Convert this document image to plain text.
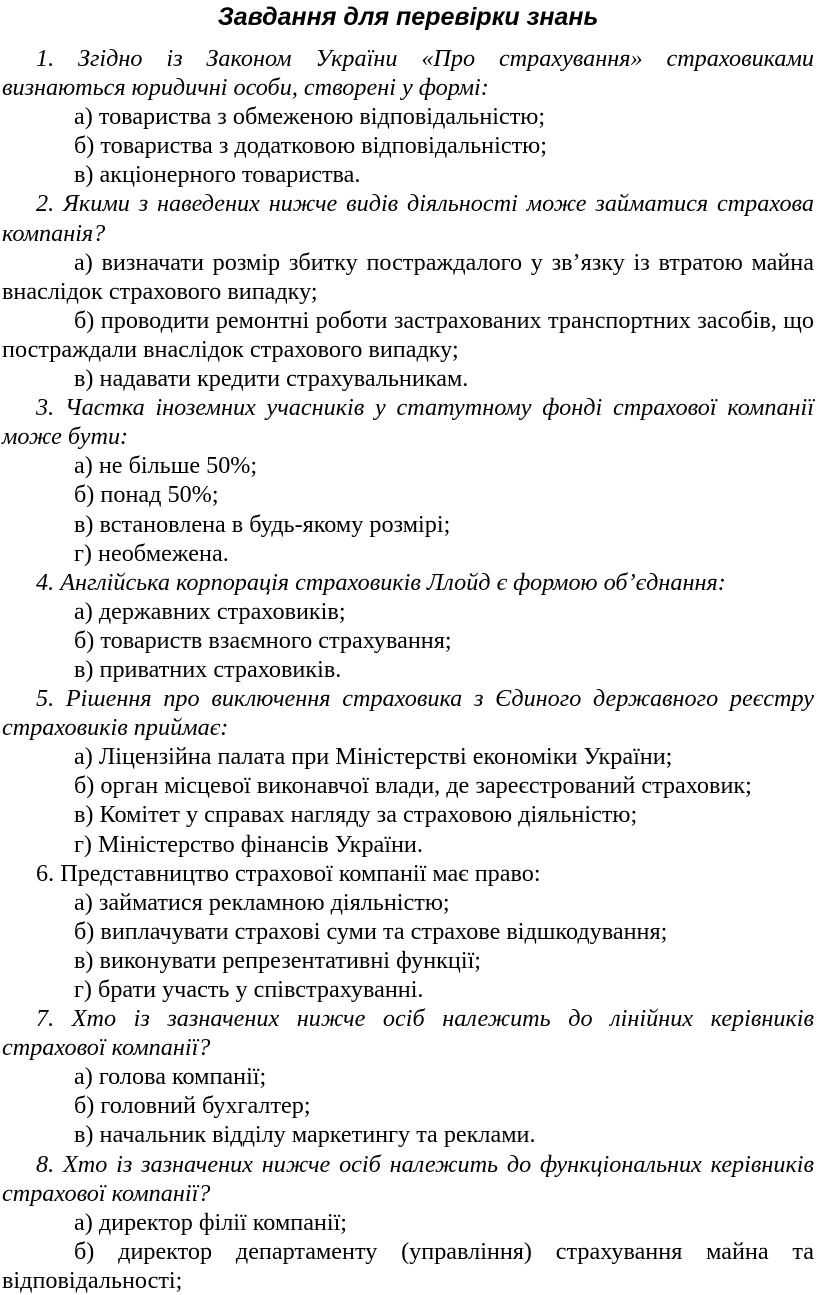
Завдання для перевірки знань

1. Згідно із Законом України «Про страхування» страховиками визнаються юридичні особи, створені у формі:

а) товариства з обмеженою відповідальністю;

б) товариства з додатковою відповідальністю;

в) акціонерного товариства.

2. Якими з наведених нижче видів діяльності може займатися страхова компанія?

а) визначати розмір збитку постраждалого у зв’язку із втратою майна внаслідок страхового випадку;

б) проводити ремонтні роботи застрахованих транспортних засобів, що постраждали внаслідок страхового випадку;

в) надавати кредити страхувальникам.

3. Частка іноземних учасників у статутному фонді страхової компанії може бути:

а) не більше 50%;

б) понад 50%;

в) встановлена в будь-якому розмірі;

г) необмежена.

4. Англійська корпорація страховиків Ллойд є формою об’єднання:

а) державних страховиків;

б) товариств взаємного страхування;

в) приватних страховиків.

5. Рішення про виключення страховика з Єдиного державного реєстру страховиків приймає:

а) Ліцензійна палата при Міністерстві економіки України;

б) орган місцевої виконавчої влади, де зареєстрований страховик;

в) Комітет у справах нагляду за страховою діяльністю;

г) Міністерство фінансів України.

6. Представництво страхової компанії має право:

а) займатися рекламною діяльністю;

б) виплачувати страхові суми та страхове відшкодування;

в) виконувати репрезентативні функції;

г) брати участь у співстрахуванні.

7. Хто із зазначених нижче осіб належить до лінійних керівників страхової компанії?

а) голова компанії;

б) головний бухгалтер;

в) начальник відділу маркетингу та реклами.

8. Хто із зазначених нижче осіб належить до функціональних керівників страхової компанії?

а) директор філії компанії;

б) директор департаменту (управління) страхування майна та відповідальності;
